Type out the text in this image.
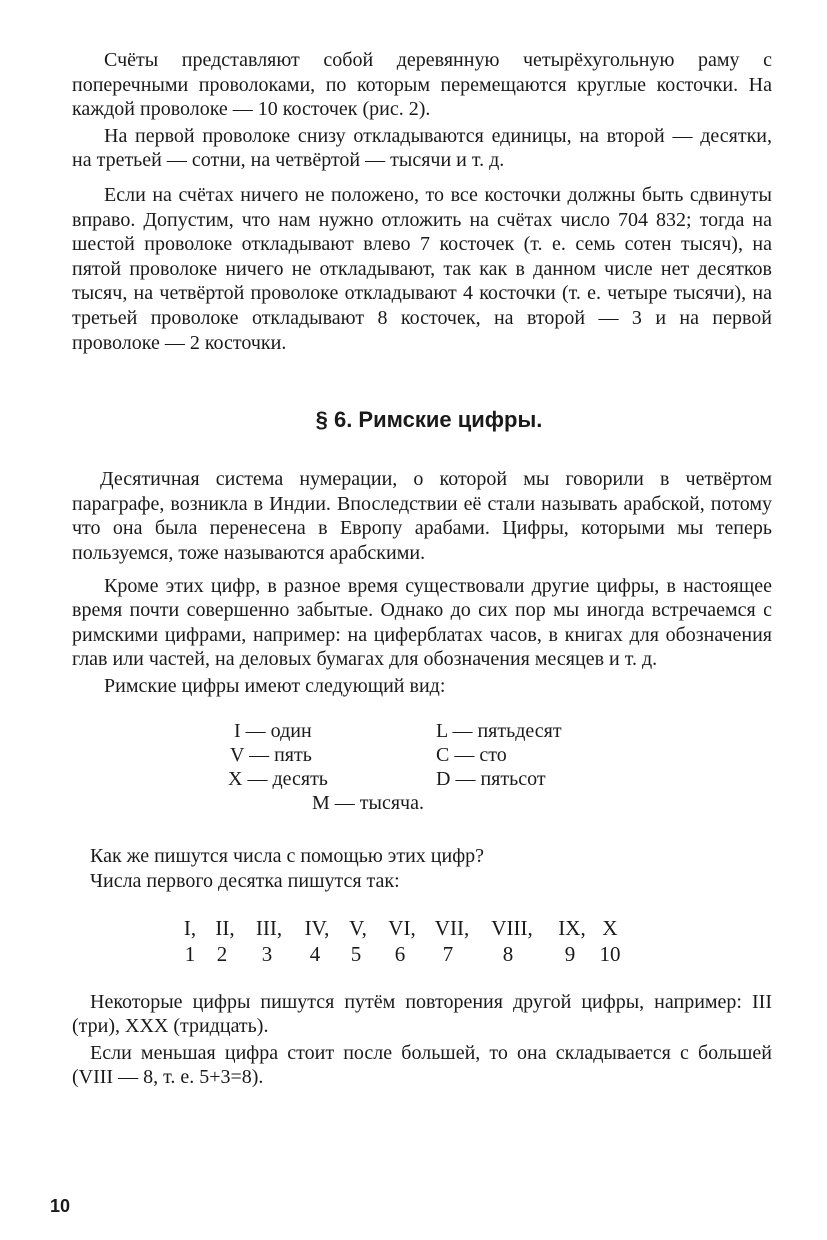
Счёты представляют собой деревянную четырёхугольную раму с поперечными проволоками, по которым перемещаются круглые косточки. На каждой проволоке — 10 косточек (рис. 2).

На первой проволоке снизу откладываются единицы, на второй — десятки, на третьей — сотни, на четвёртой — тысячи и т. д.

Если на счётах ничего не положено, то все косточки должны быть сдвинуты вправо. Допустим, что нам нужно отложить на счётах число 704 832; тогда на шестой проволоке откладывают влево 7 косточек (т. е. семь сотен тысяч), на пятой проволоке ничего не откладывают, так как в данном числе нет десятков тысяч, на четвёртой проволоке откладывают 4 косточки (т. е. четыре тысячи), на третьей проволоке откладывают 8 косточек, на второй — 3 и на первой проволоке — 2 косточки.

§ 6. Римские цифры.

Десятичная система нумерации, о которой мы говорили в четвёртом параграфе, возникла в Индии. Впоследствии её стали называть арабской, потому что она была перенесена в Европу арабами. Цифры, которыми мы теперь пользуемся, тоже называются арабскими.

Кроме этих цифр, в разное время существовали другие цифры, в настоящее время почти совершенно забытые. Однако до сих пор мы иногда встречаемся с римскими цифрами, например: на циферблатах часов, в книгах для обозначения глав или частей, на деловых бумагах для обозначения месяцев и т. д.

Римские цифры имеют следующий вид:

I — один
V — пять
X — десять
L — пятьдесят
C — сто
D — пятьсот
M — тысяча.

Как же пишутся числа с помощью этих цифр?

Числа первого десятка пишутся так:

I, II, III, IV, V, VI, VII, VIII, IX, X
1 2 3 4 5 6 7 8 9 10

Некоторые цифры пишутся путём повторения другой цифры, например: III (три), XXX (тридцать).

Если меньшая цифра стоит после большей, то она складывается с большей (VIII — 8, т. е. 5+3=8).

10
